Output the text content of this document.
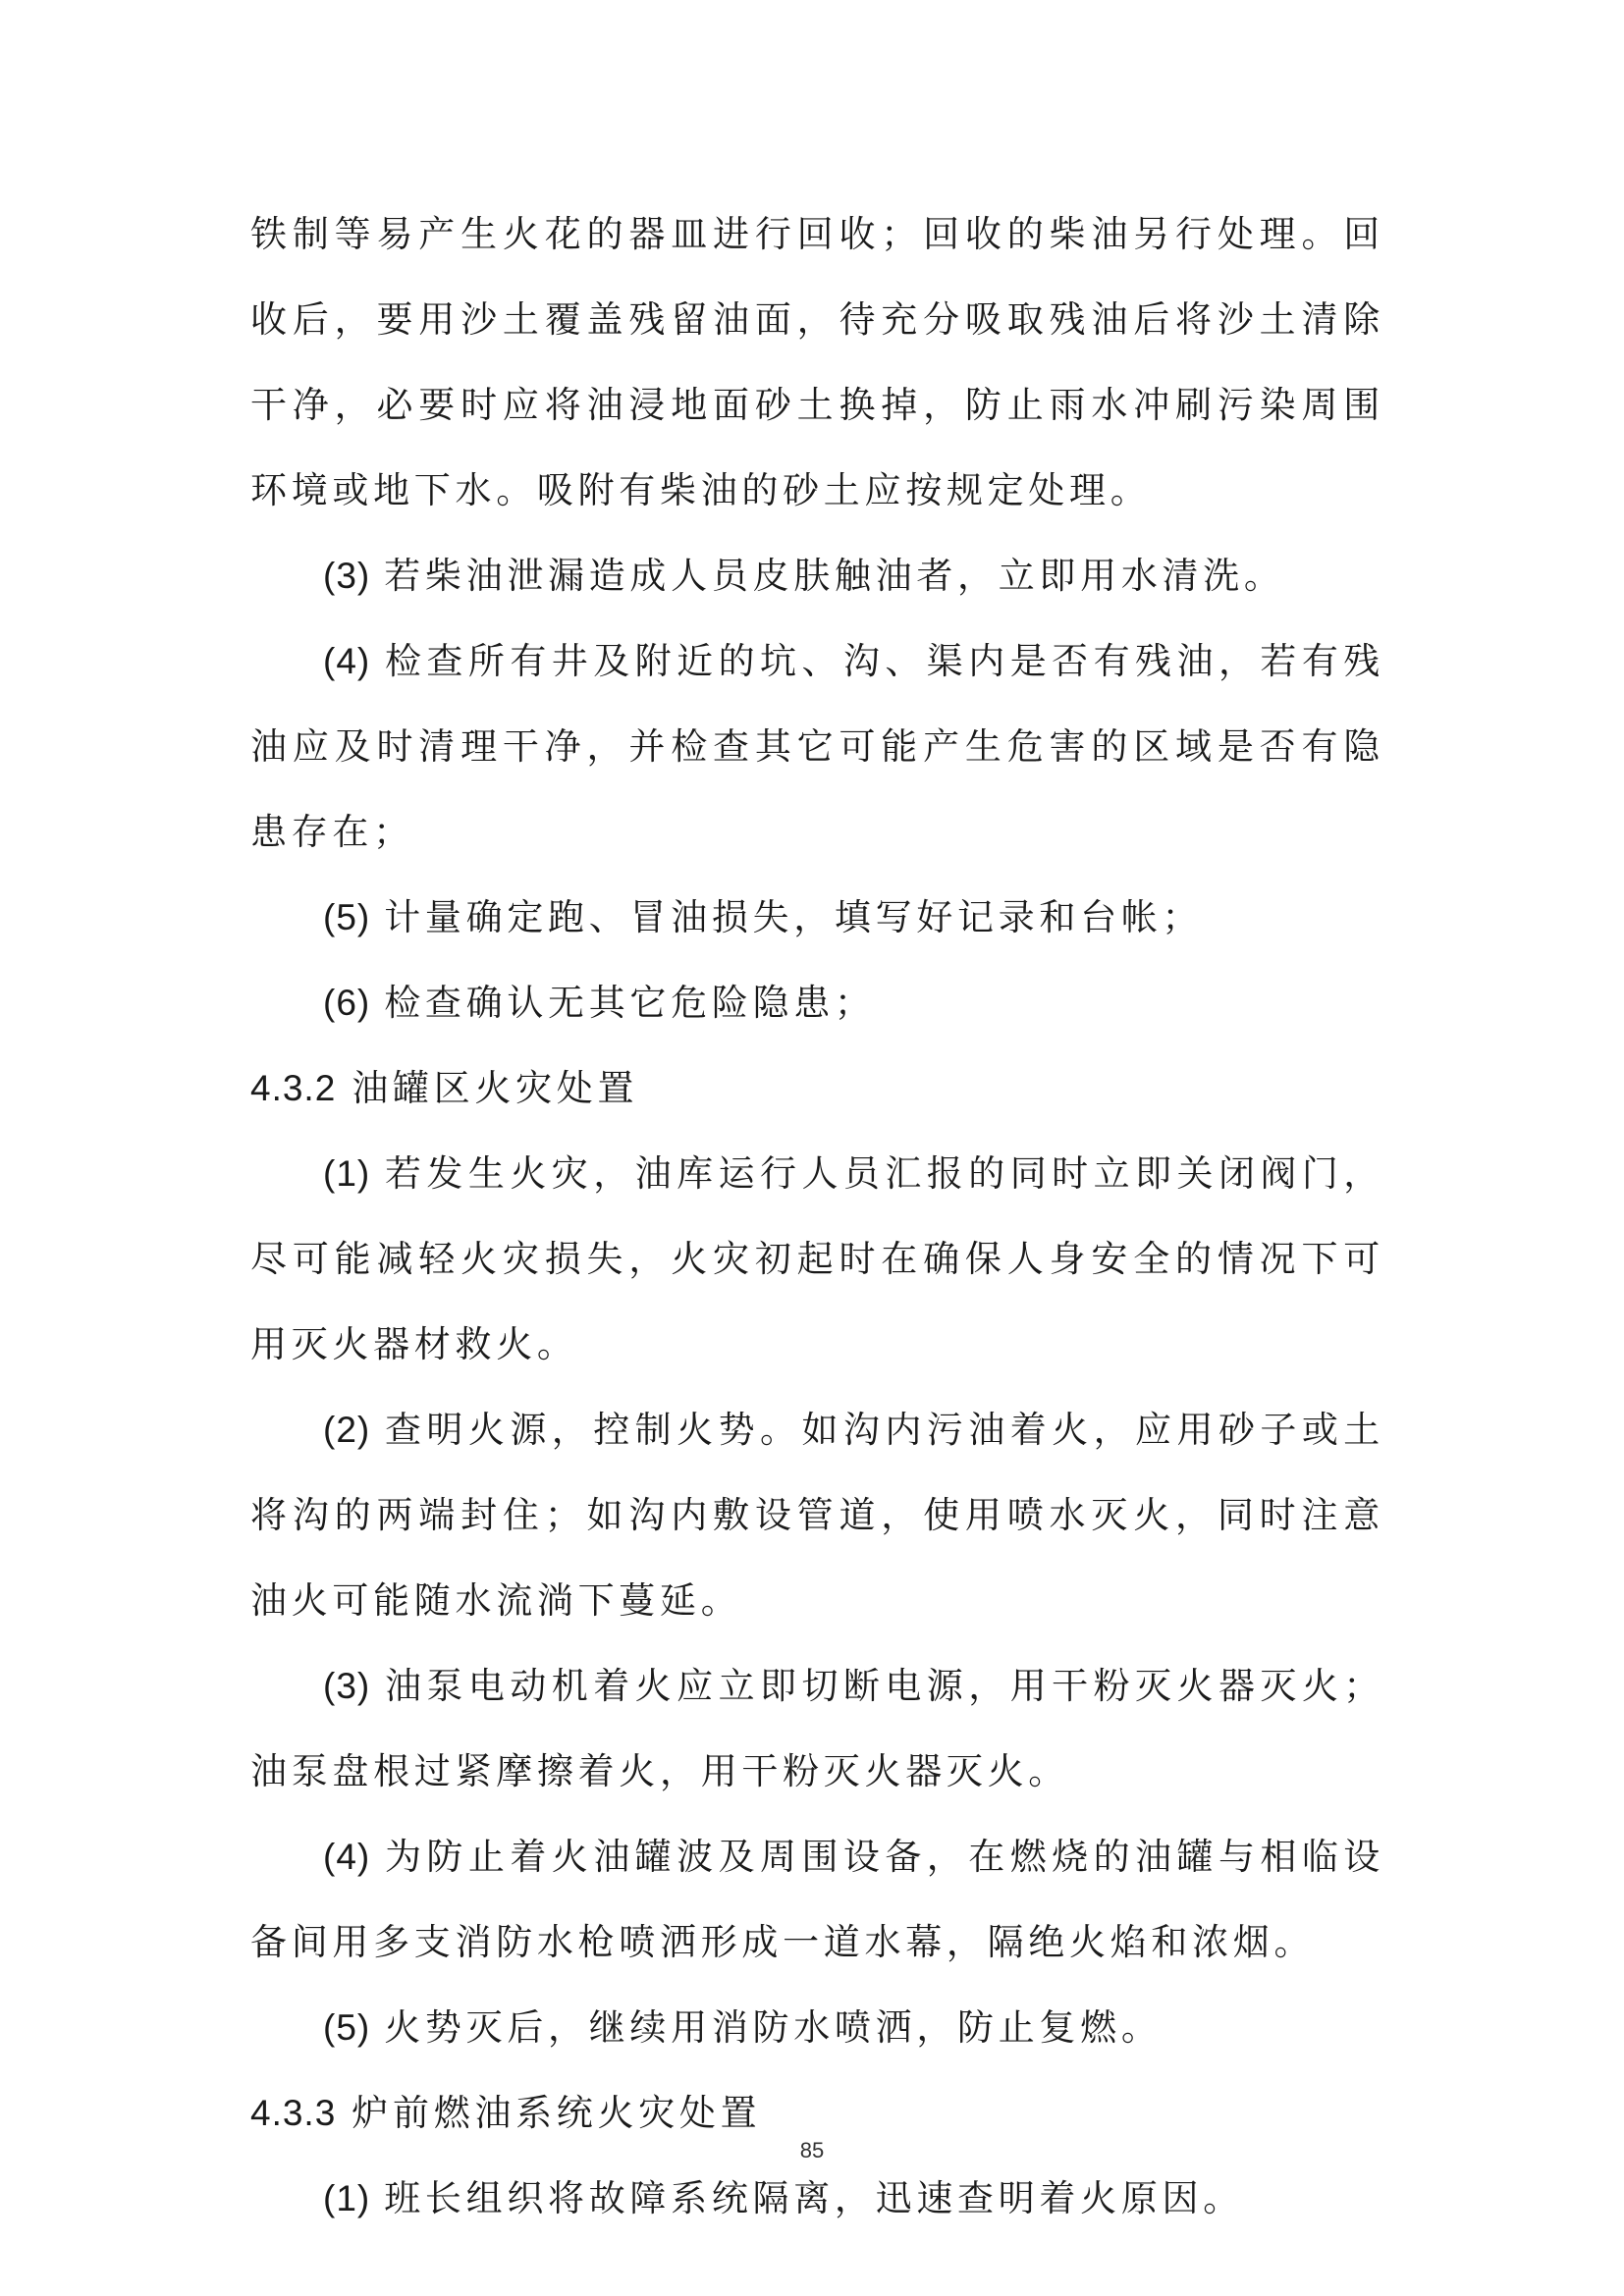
铁制等易产生火花的器皿进行回收；回收的柴油另行处理。回收后，要用沙土覆盖残留油面，待充分吸取残油后将沙土清除干净，必要时应将油浸地面砂土换掉，防止雨水冲刷污染周围环境或地下水。吸附有柴油的砂土应按规定处理。

(3) 若柴油泄漏造成人员皮肤触油者，立即用水清洗。

(4) 检查所有井及附近的坑、沟、渠内是否有残油，若有残油应及时清理干净，并检查其它可能产生危害的区域是否有隐患存在；

(5) 计量确定跑、冒油损失，填写好记录和台帐；

(6) 检查确认无其它危险隐患；

4.3.2 油罐区火灾处置

(1) 若发生火灾，油库运行人员汇报的同时立即关闭阀门，尽可能减轻火灾损失，火灾初起时在确保人身安全的情况下可用灭火器材救火。

(2) 查明火源，控制火势。如沟内污油着火，应用砂子或土将沟的两端封住；如沟内敷设管道，使用喷水灭火，同时注意油火可能随水流淌下蔓延。

(3) 油泵电动机着火应立即切断电源，用干粉灭火器灭火；油泵盘根过紧摩擦着火，用干粉灭火器灭火。

(4) 为防止着火油罐波及周围设备，在燃烧的油罐与相临设备间用多支消防水枪喷洒形成一道水幕，隔绝火焰和浓烟。

(5) 火势灭后，继续用消防水喷洒，防止复燃。

4.3.3 炉前燃油系统火灾处置

(1) 班长组织将故障系统隔离，迅速查明着火原因。

85
